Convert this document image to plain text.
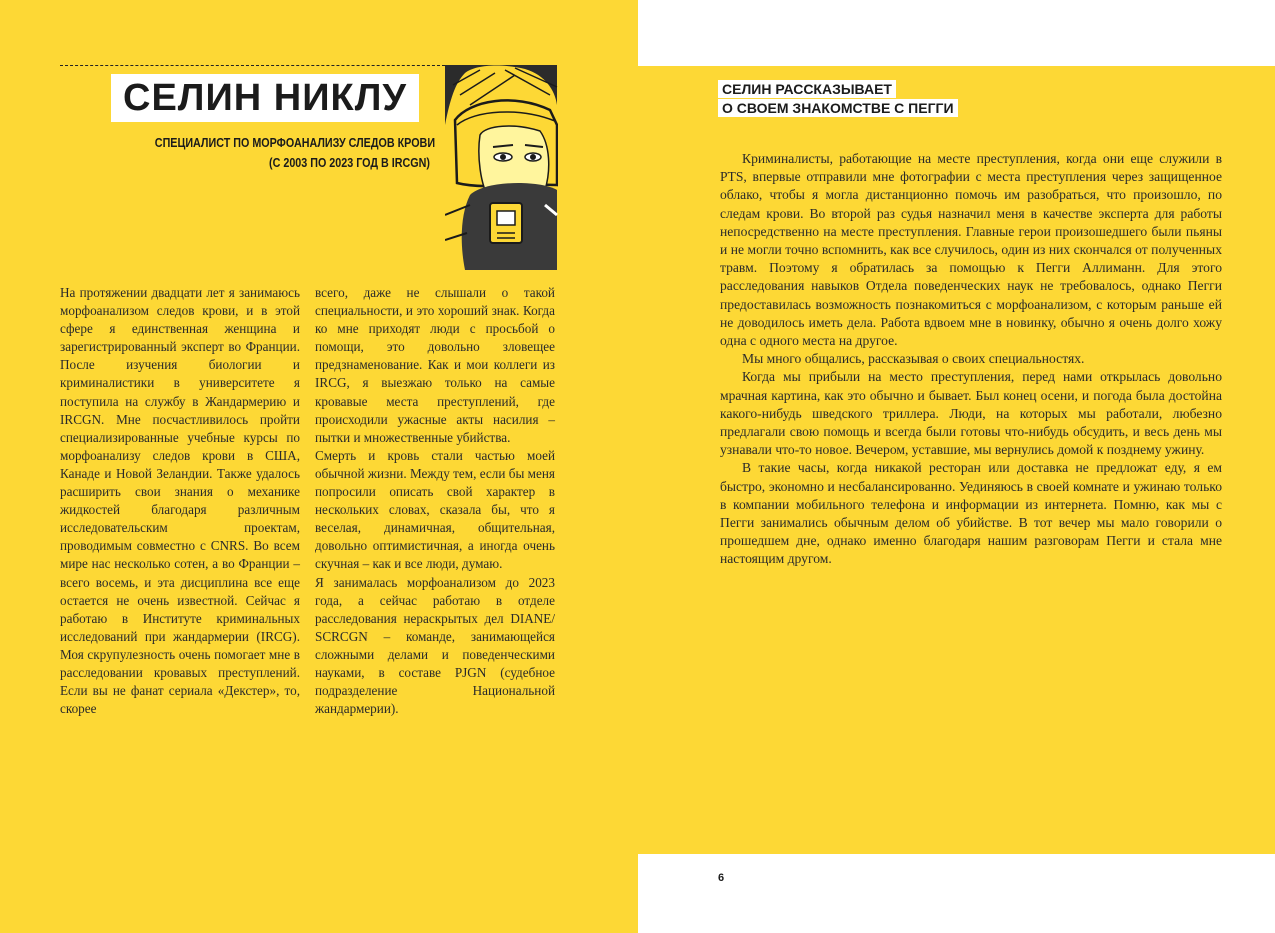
СЕЛИН НИКЛУ
СПЕЦИАЛИСТ ПО МОРФОАНАЛИЗУ СЛЕДОВ КРОВИ
(С 2003 ПО 2023 ГОД В IRCGN)

На протяжении двадцати лет я занимаюсь морфоанализом следов крови, и в этой сфере я единственная женщина и зарегистрированный эксперт во Франции. После изучения биологии и криминалистики в университете я поступила на службу в Жандармерию и IRCGN. Мне посчастливилось пройти специализированные учебные курсы по морфоанализу следов крови в США, Канаде и Новой Зеландии. Также удалось расширить свои знания о механике жидкостей благодаря различным исследовательским проектам, проводимым совместно с CNRS. Во всем мире нас несколько сотен, а во Франции – всего восемь, и эта дисциплина все еще остается не очень известной. Сейчас я работаю в Институте криминальных исследований при жандармерии (IRCG). Моя скрупулезность очень помогает мне в расследовании кровавых преступлений. Если вы не фанат сериала «Декстер», то, скорее

всего, даже не слышали о такой специальности, и это хороший знак. Когда ко мне приходят люди с просьбой о помощи, это довольно зловещее предзнаменование. Как и мои коллеги из IRCG, я выезжаю только на самые кровавые места преступлений, где происходили ужасные акты насилия – пытки и множественные убийства.

Смерть и кровь стали частью моей обычной жизни. Между тем, если бы меня попросили описать свой характер в нескольких словах, сказала бы, что я веселая, динамичная, общительная, довольно оптимистичная, а иногда очень скучная – как и все люди, думаю.

Я занималась морфоанализом до 2023 года, а сейчас работаю в отделе расследования нераскрытых дел DIANE/ SCRCGN – команде, занимающейся сложными делами и поведенческими науками, в составе PJGN (судебное подразделение Национальной жандармерии).

СЕЛИН РАССКАЗЫВАЕТ
О СВОЕМ ЗНАКОМСТВЕ С ПЕГГИ

Криминалисты, работающие на месте преступления, когда они еще служили в PTS, впервые отправили мне фотографии с места преступления через защищенное облако, чтобы я могла дистанционно помочь им разобраться, что произошло, по следам крови. Во второй раз судья назначил меня в качестве эксперта для работы непосредственно на месте преступления. Главные герои произошедшего были пьяны и не могли точно вспомнить, как все случилось, один из них скончался от полученных травм. Поэтому я обратилась за помощью к Пегги Аллиманн. Для этого расследования навыков Отдела поведенческих наук не требовалось, однако Пегги предоставилась возможность познакомиться с морфоанализом, с которым раньше ей не доводилось иметь дела. Работа вдвоем мне в новинку, обычно я очень долго хожу одна с одного места на другое.

Мы много общались, рассказывая о своих специальностях.

Когда мы прибыли на место преступления, перед нами открылась довольно мрачная картина, как это обычно и бывает. Был конец осени, и погода была достойна какого-нибудь шведского триллера. Люди, на которых мы работали, любезно предлагали свою помощь и всегда были готовы что-нибудь обсудить, и весь день мы узнавали что-то новое. Вечером, уставшие, мы вернулись домой к позднему ужину.

В такие часы, когда никакой ресторан или доставка не предложат еду, я ем быстро, экономно и несбалансированно. Уединяюсь в своей комнате и ужинаю только в компании мобильного телефона и информации из интернета. Помню, как мы с Пегги занимались обычным делом об убийстве. В тот вечер мы мало говорили о прошедшем дне, однако именно благодаря нашим разговорам Пегги и стала мне настоящим другом.

6
